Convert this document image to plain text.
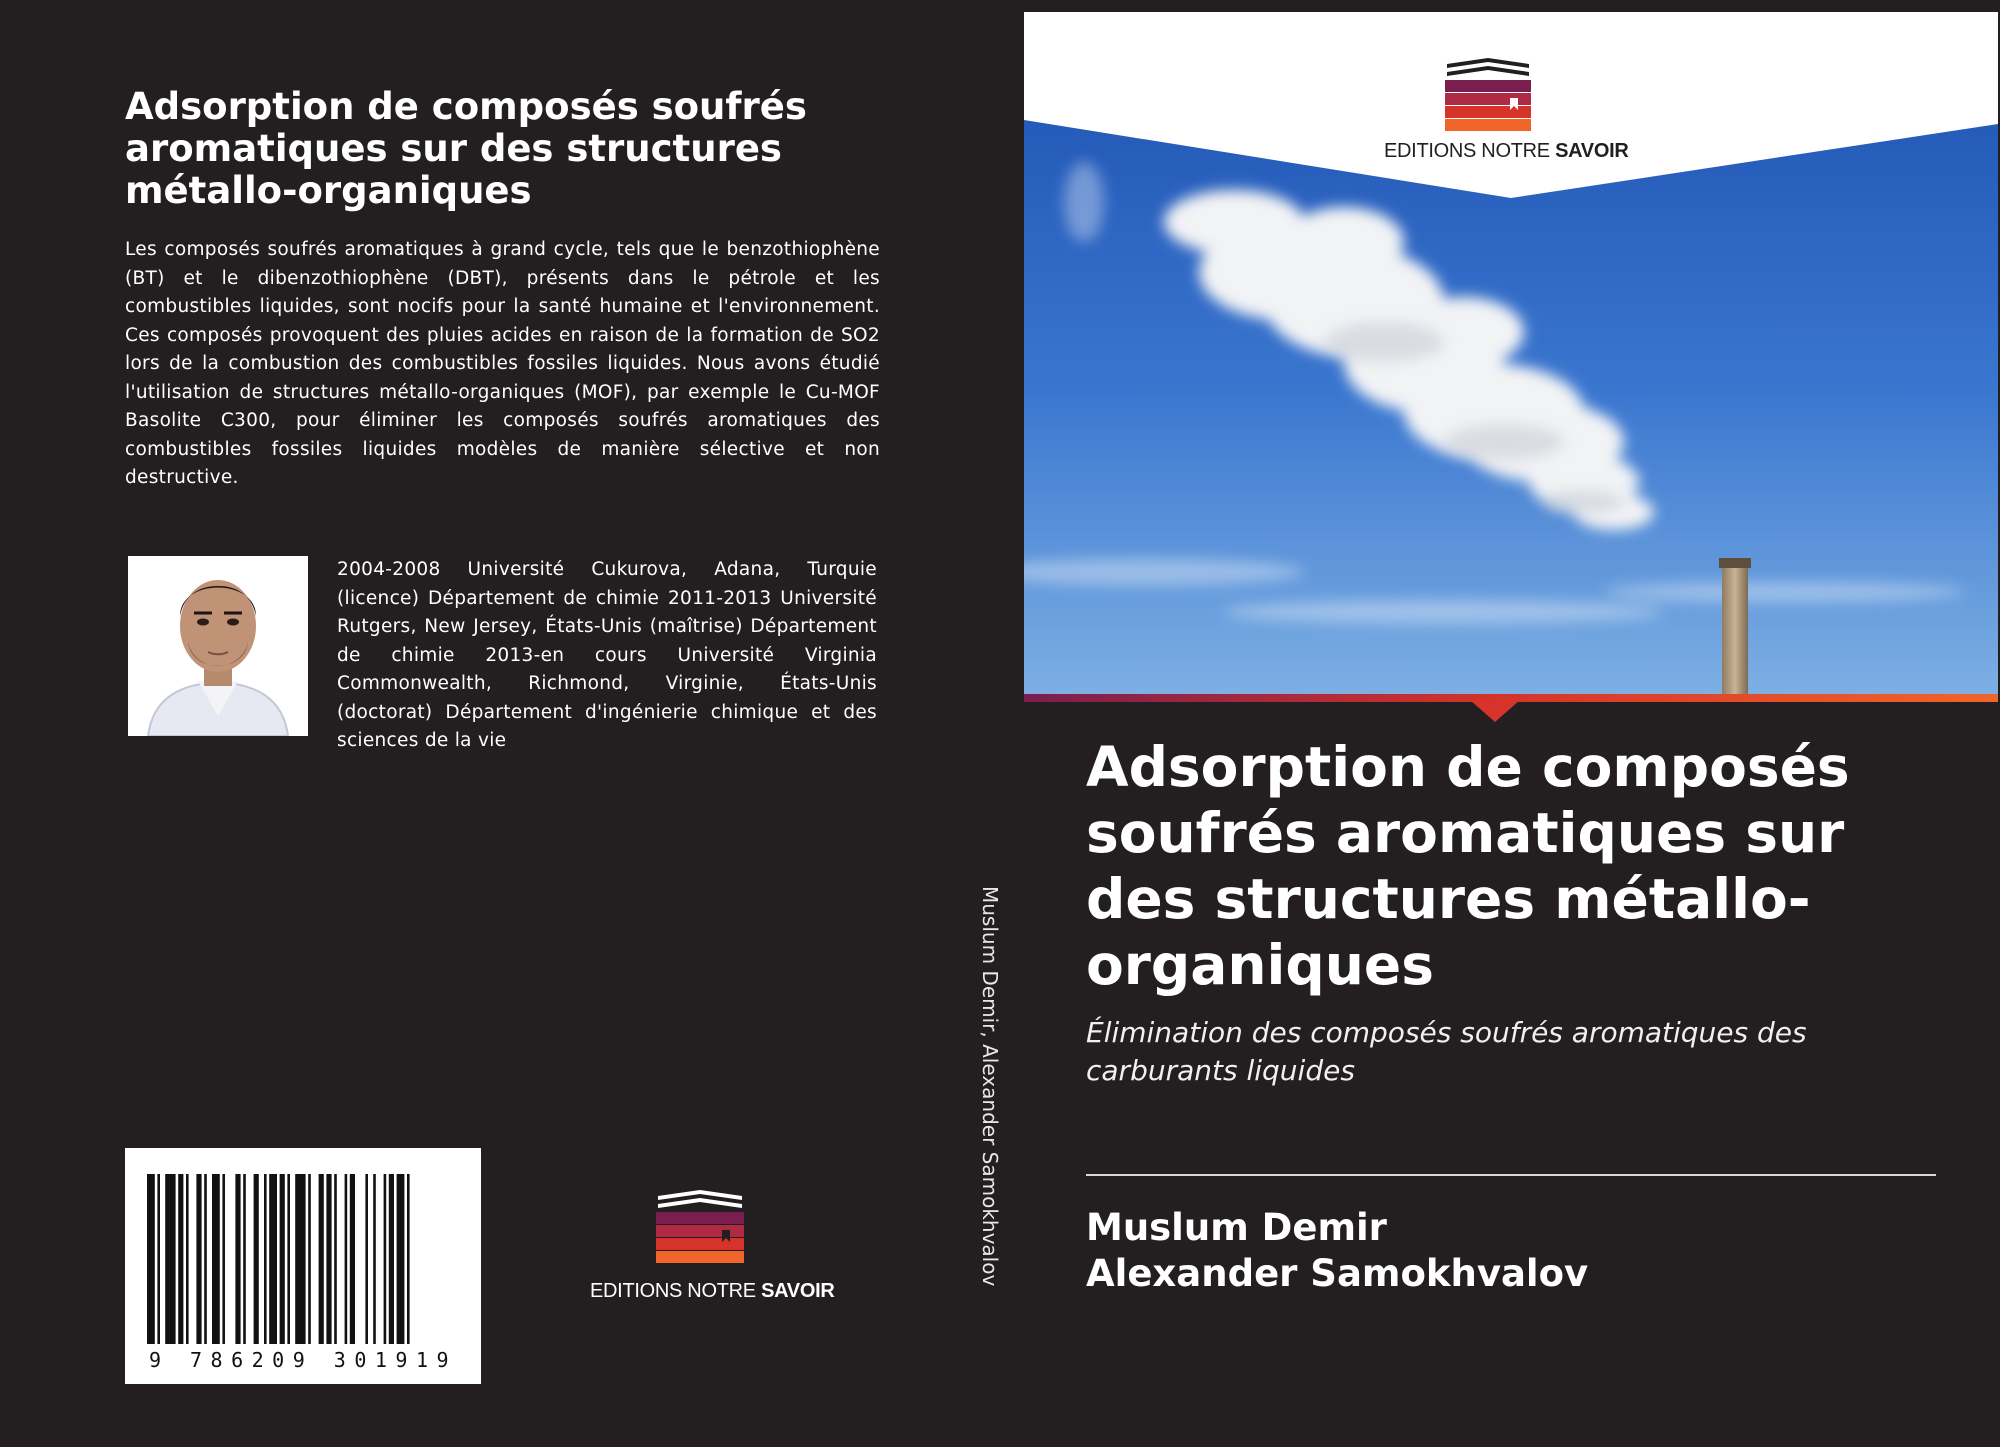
Adsorption de composés soufrés aromatiques sur des structures métallo-organiques

Les composés soufrés aromatiques à grand cycle, tels que le benzothiophène (BT) et le dibenzothiophène (DBT), présents dans le pétrole et les combustibles liquides, sont nocifs pour la santé humaine et l'environnement. Ces composés provoquent des pluies acides en raison de la formation de SO2 lors de la combustion des combustibles fossiles liquides. Nous avons étudié l'utilisation de structures métallo-organiques (MOF), par exemple le Cu-MOF Basolite C300, pour éliminer les composés soufrés aromatiques des combustibles fossiles liquides modèles de manière sélective et non destructive.

2004-2008 Université Cukurova, Adana, Turquie (licence) Département de chimie 2011-2013 Université Rutgers, New Jersey, États-Unis (maîtrise) Département de chimie 2013-en cours Université Virginia Commonwealth, Richmond, Virginie, États-Unis (doctorat) Département d'ingénierie chimique et des sciences de la vie

9 786209 301919
EDITIONS NOTRE SAVOIR
Muslum Demir, Alexander Samokhvalov
EDITIONS NOTRE SAVOIR
Adsorption de composés soufrés aromatiques sur des structures métallo-organiques

Élimination des composés soufrés aromatiques des carburants liquides

Muslum Demir

Alexander Samokhvalov
